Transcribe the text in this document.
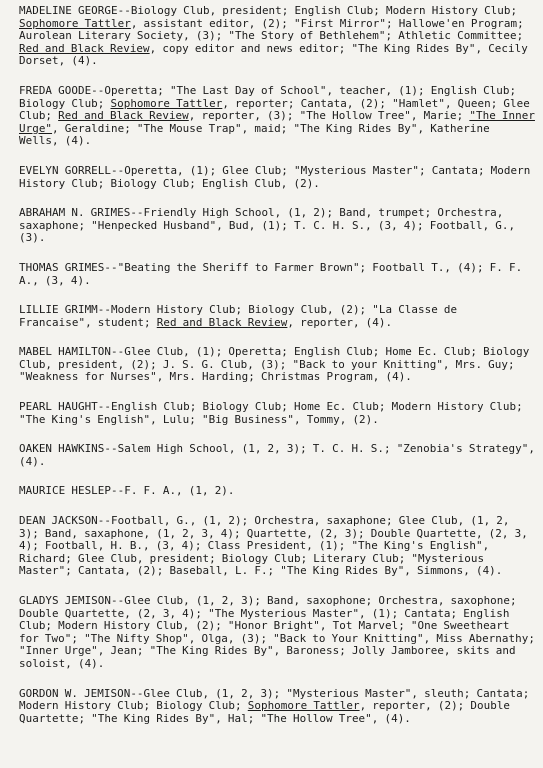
MADELINE GEORGE--Biology Club, president; English Club; Modern History Club; Sophomore Tattler, assistant editor, (2); "First Mirror"; Hallowe'en Program; Aurolean Literary Society, (3); "The Story of Bethlehem"; Athletic Committee; Red and Black Review, copy editor and news editor; "The King Rides By", Cecily Dorset, (4).

FREDA GOODE--Operetta; "The Last Day of School", teacher, (1); English Club; Biology Club; Sophomore Tattler, reporter; Cantata, (2); "Hamlet", Queen; Glee Club; Red and Black Review, reporter, (3); "The Hollow Tree", Marie; "The Inner Urge", Geraldine; "The Mouse Trap", maid; "The King Rides By", Katherine Wells, (4).

EVELYN GORRELL--Operetta, (1); Glee Club; "Mysterious Master"; Cantata; Modern History Club; Biology Club; English Club, (2).

ABRAHAM N. GRIMES--Friendly High School, (1, 2); Band, trumpet; Orchestra, saxaphone; "Henpecked Husband", Bud, (1); T. C. H. S., (3, 4); Football, G., (3).

THOMAS GRIMES--"Beating the Sheriff to Farmer Brown"; Football T., (4); F. F. A., (3, 4).

LILLIE GRIMM--Modern History Club; Biology Club, (2); "La Classe de Francaise", student; Red and Black Review, reporter, (4).

MABEL HAMILTON--Glee Club, (1); Operetta; English Club; Home Ec. Club; Biology Club, president, (2); J. S. G. Club, (3); "Back to your Knitting", Mrs. Guy; "Weakness for Nurses", Mrs. Harding; Christmas Program, (4).

PEARL HAUGHT--English Club; Biology Club; Home Ec. Club; Modern History Club; "The King's English", Lulu; "Big Business", Tommy, (2).

OAKEN HAWKINS--Salem High School, (1, 2, 3); T. C. H. S.; "Zenobia's Strategy", (4).

MAURICE HESLEP--F. F. A., (1, 2).

DEAN JACKSON--Football, G., (1, 2); Orchestra, saxaphone; Glee Club, (1, 2, 3); Band, saxaphone, (1, 2, 3, 4); Quartette, (2, 3); Double Quartette, (2, 3, 4); Football, H. B., (3, 4); Class President, (1); "The King's English", Richard; Glee Club, president; Biology Club; Literary Club; "Mysterious Master"; Cantata, (2); Baseball, L. F.; "The King Rides By", Simmons, (4).

GLADYS JEMISON--Glee Club, (1, 2, 3); Band, saxophone; Orchestra, saxophone; Double Quartette, (2, 3, 4); "The Mysterious Master", (1); Cantata; English Club; Modern History Club, (2); "Honor Bright", Tot Marvel; "One Sweetheart for Two"; "The Nifty Shop", Olga, (3); "Back to Your Knitting", Miss Abernathy; "Inner Urge", Jean; "The King Rides By", Baroness; Jolly Jamboree, skits and soloist, (4).

GORDON W. JEMISON--Glee Club, (1, 2, 3); "Mysterious Master", sleuth; Cantata; Modern History Club; Biology Club; Sophomore Tattler, reporter, (2); Double Quartette; "The King Rides By", Hal; "The Hollow Tree", (4).
